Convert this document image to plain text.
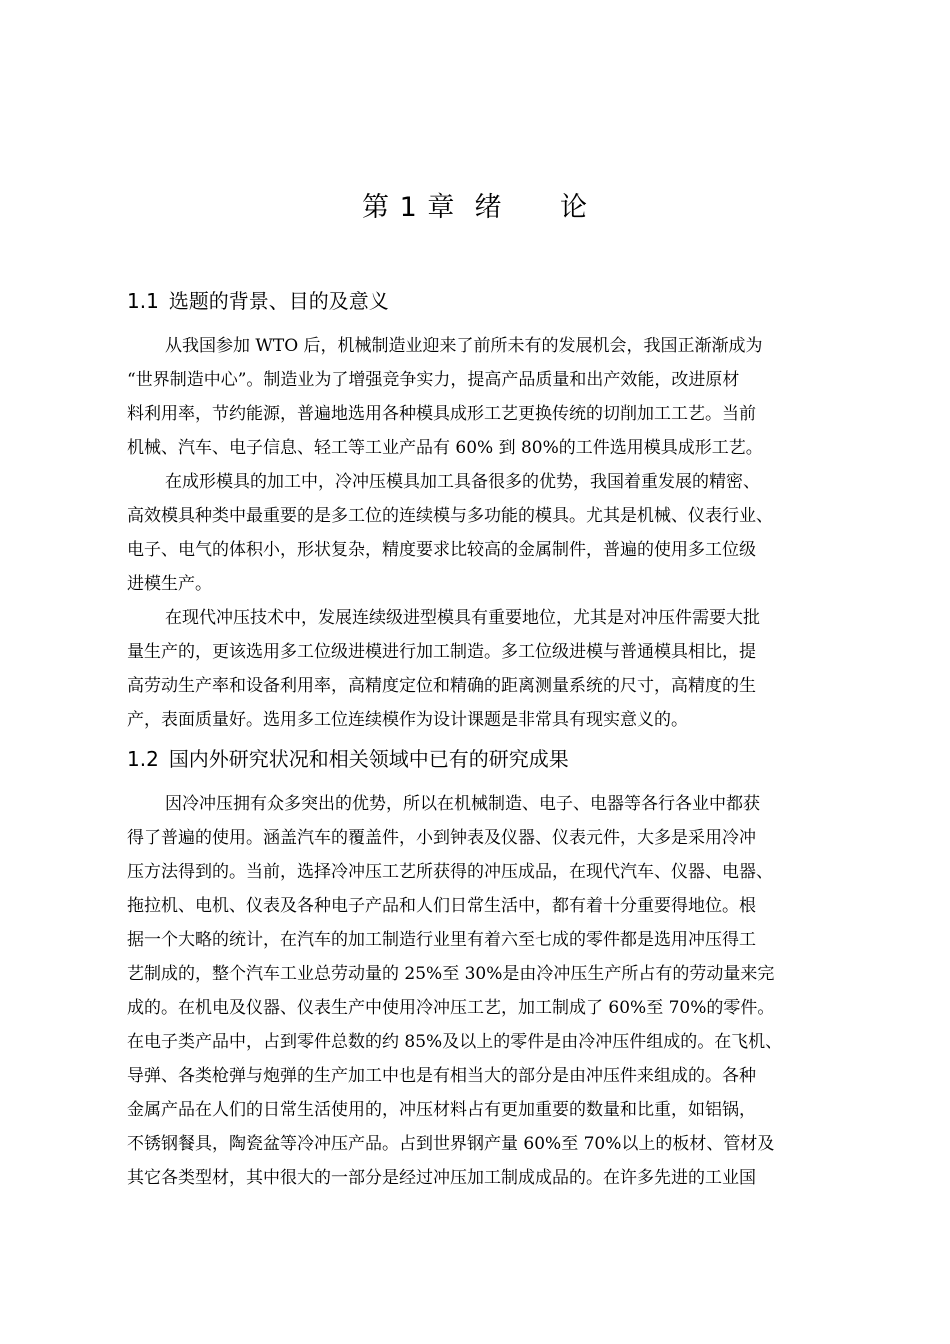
第 1 章  绪      论
1.1 选题的背景、目的及意义
从我国参加 WTO 后，机械制造业迎来了前所未有的发展机会，我国正渐渐成为
“世界制造中心”。制造业为了增强竞争实力，提高产品质量和出产效能，改进原材
料利用率，节约能源，普遍地选用各种模具成形工艺更换传统的切削加工工艺。当前
机械、汽车、电子信息、轻工等工业产品有 60% 到 80%的工件选用模具成形工艺。
在成形模具的加工中，冷冲压模具加工具备很多的优势，我国着重发展的精密、
高效模具种类中最重要的是多工位的连续模与多功能的模具。尤其是机械、仪表行业、
电子、电气的体积小，形状复杂，精度要求比较高的金属制件，普遍的使用多工位级
进模生产。
在现代冲压技术中，发展连续级进型模具有重要地位，尤其是对冲压件需要大批
量生产的，更该选用多工位级进模进行加工制造。多工位级进模与普通模具相比，提
高劳动生产率和设备利用率，高精度定位和精确的距离测量系统的尺寸，高精度的生
产，表面质量好。选用多工位连续模作为设计课题是非常具有现实意义的。
1.2 国内外研究状况和相关领域中已有的研究成果
因冷冲压拥有众多突出的优势，所以在机械制造、电子、电器等各行各业中都获
得了普遍的使用。涵盖汽车的覆盖件，小到钟表及仪器、仪表元件，大多是采用冷冲
压方法得到的。当前，选择冷冲压工艺所获得的冲压成品，在现代汽车、仪器、电器、
拖拉机、电机、仪表及各种电子产品和人们日常生活中，都有着十分重要得地位。根
据一个大略的统计，在汽车的加工制造行业里有着六至七成的零件都是选用冲压得工
艺制成的，整个汽车工业总劳动量的 25%至 30%是由冷冲压生产所占有的劳动量来完
成的。在机电及仪器、仪表生产中使用冷冲压工艺，加工制成了 60%至 70%的零件。
在电子类产品中，占到零件总数的约 85%及以上的零件是由冷冲压件组成的。在飞机、
导弹、各类枪弹与炮弹的生产加工中也是有相当大的部分是由冲压件来组成的。各种
金属产品在人们的日常生活使用的，冲压材料占有更加重要的数量和比重，如铝锅，
不锈钢餐具，陶瓷盆等冷冲压产品。占到世界钢产量 60%至 70%以上的板材、管材及
其它各类型材，其中很大的一部分是经过冲压加工制成成品的。在许多先进的工业国
